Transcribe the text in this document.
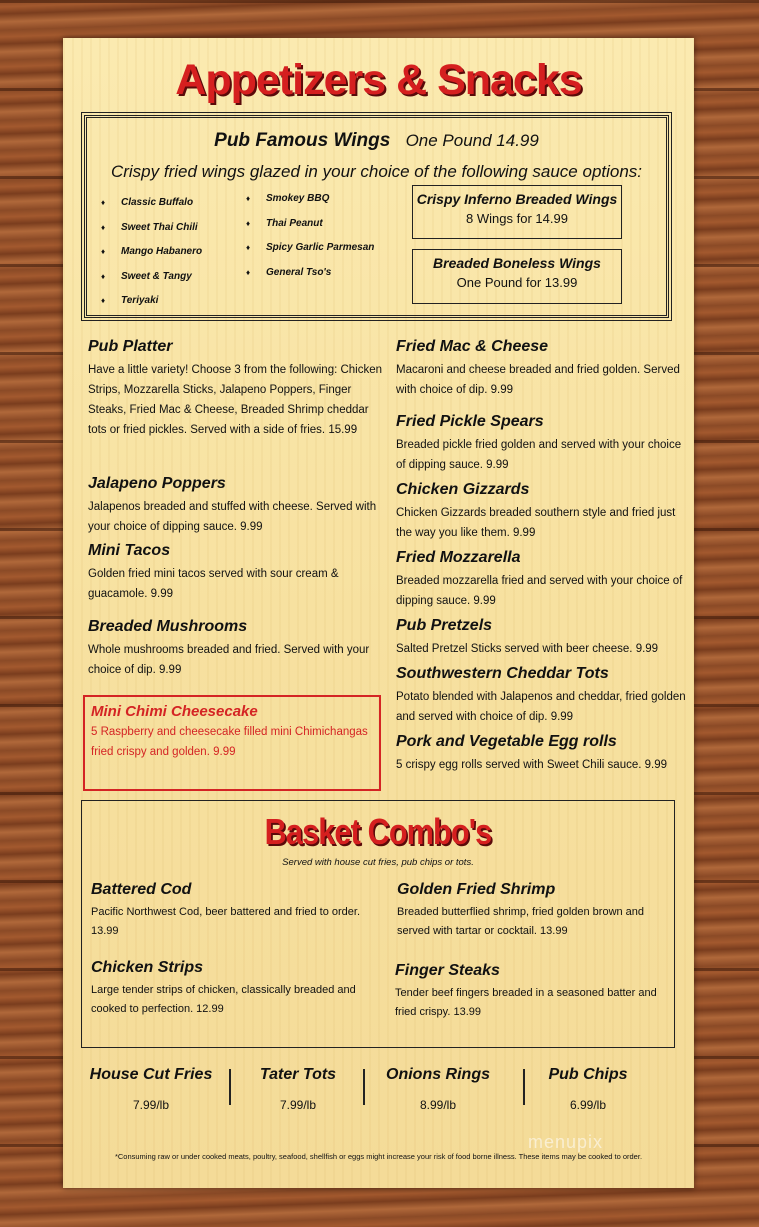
Appetizers & Snacks
Pub Famous Wings One Pound 14.99
Crispy fried wings glazed in your choice of the following sauce options:
♦ Classic Buffalo
♦ Sweet Thai Chili
♦ Mango Habanero
♦ Sweet & Tangy
♦ Teriyaki
♦ Smokey BBQ
♦ Thai Peanut
♦ Spicy Garlic Parmesan
♦ General Tso's
Crispy Inferno Breaded Wings
8 Wings for 14.99
Breaded Boneless Wings
One Pound for 13.99
Pub Platter
Have a little variety! Choose 3 from the following: Chicken Strips, Mozzarella Sticks, Jalapeno Poppers, Finger Steaks, Fried Mac & Cheese, Breaded Shrimp cheddar tots or fried pickles. Served with a side of fries. 15.99
Jalapeno Poppers
Jalapenos breaded and stuffed with cheese. Served with your choice of dipping sauce. 9.99
Mini Tacos
Golden fried mini tacos served with sour cream & guacamole. 9.99
Breaded Mushrooms
Whole mushrooms breaded and fried. Served with your choice of dip. 9.99
Mini Chimi Cheesecake
5 Raspberry and cheesecake filled mini Chimichangas fried crispy and golden. 9.99
Fried Mac & Cheese
Macaroni and cheese breaded and fried golden. Served with choice of dip. 9.99
Fried Pickle Spears
Breaded pickle fried golden and served with your choice of dipping sauce. 9.99
Chicken Gizzards
Chicken Gizzards breaded southern style and fried just the way you like them. 9.99
Fried Mozzarella
Breaded mozzarella fried and served with your choice of dipping sauce. 9.99
Pub Pretzels
Salted Pretzel Sticks served with beer cheese. 9.99
Southwestern Cheddar Tots
Potato blended with Jalapenos and cheddar, fried golden and served with choice of dip. 9.99
Pork and Vegetable Egg rolls
5 crispy egg rolls served with Sweet Chili sauce. 9.99
Basket Combo's
Served with house cut fries, pub chips or tots.
Battered Cod
Pacific Northwest Cod, beer battered and fried to order. 13.99
Golden Fried Shrimp
Breaded butterflied shrimp, fried golden brown and served with tartar or cocktail. 13.99
Chicken Strips
Large tender strips of chicken, classically breaded and cooked to perfection. 12.99
Finger Steaks
Tender beef fingers breaded in a seasoned batter and fried crispy. 13.99
House Cut Fries
7.99/lb
Tater Tots
7.99/lb
Onions Rings
8.99/lb
Pub Chips
6.99/lb
menupix
*Consuming raw or under cooked meats, poultry, seafood, shellfish or eggs might increase your risk of food borne illness. These items may be cooked to order.
